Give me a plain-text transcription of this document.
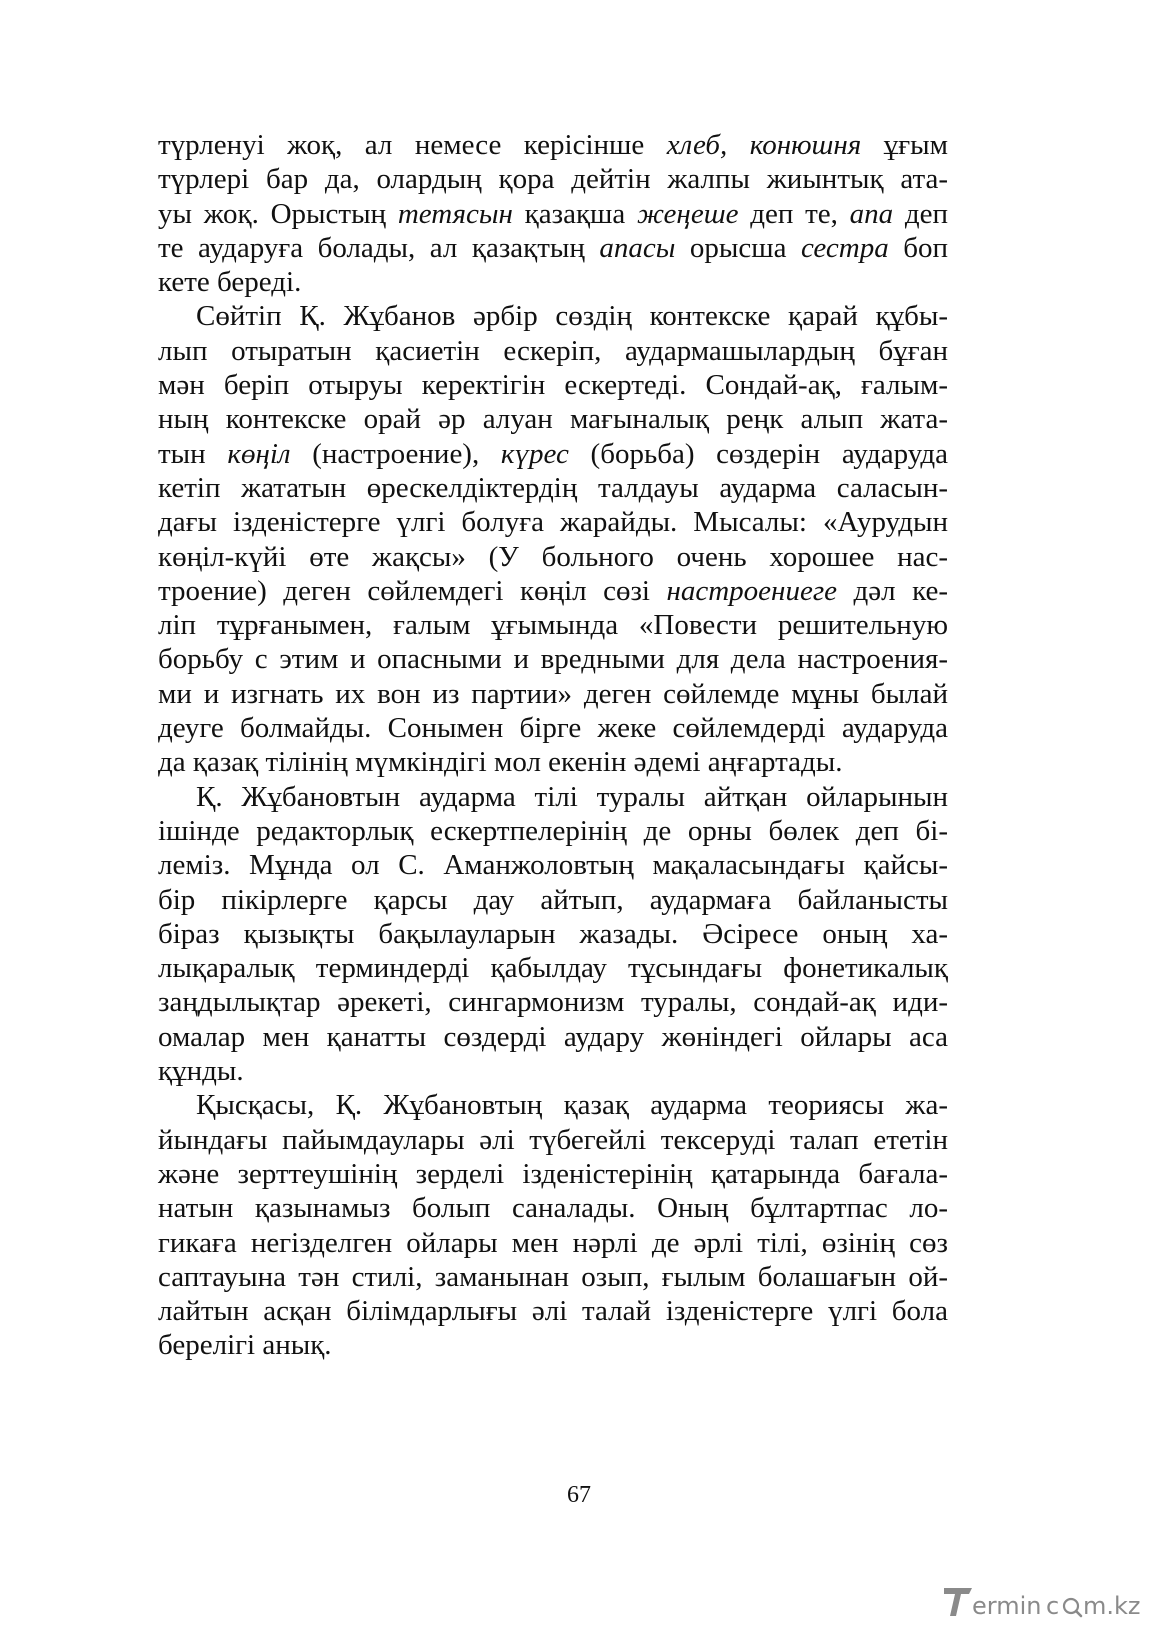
түрленуі жоқ, ал немесе керісінше хлеб, конюшня ұғым
түрлері бар да, олардың қора дейтін жалпы жиынтық ата-
уы жоқ. Орыстың тетясын қазақша жеңеше деп те, апа деп
те аударуға болады, ал қазақтың апасы орысша сестра боп
кете береді.
Сөйтіп Қ. Жұбанов әрбір сөздің контекске қарай құбы-
лып отыратын қасиетін ескеріп, аудармашылардың бұған
мән беріп отыруы керектігін ескертеді. Сондай-ақ, ғалым-
ның контекске орай әр алуан мағыналық реңк алып жата-
тын көңіл (настроение), күрес (борьба) сөздерін аударуда
кетіп жататын өрескелдіктердің талдауы аударма саласын-
дағы ізденістерге үлгі болуға жарайды. Мысалы: «Аурудын
көңіл-күйі өте жақсы» (У больного очень хорошее нас-
троение) деген сөйлемдегі көңіл сөзі настроениеге дәл ке-
ліп тұрғанымен, ғалым ұғымында «Повести решительную
борьбу с этим и опасными и вредными для дела настроения-
ми и изгнать их вон из партии» деген сөйлемде мұны былай
деуге болмайды. Сонымен бірге жеке сөйлемдерді аударуда
да қазақ тілінің мүмкіндігі мол екенін әдемі аңғартады.
Қ. Жұбановтын аударма тілі туралы айтқан ойларынын
ішінде редакторлық ескертпелерінің де орны бөлек деп бі-
леміз. Мұнда ол С. Аманжоловтың мақаласындағы қайсы-
бір пікірлерге қарсы дау айтып, аудармаға байланысты
біраз қызықты бақылауларын жазады. Әсіресе оның ха-
лықаралық терминдерді қабылдау тұсындағы фонетикалық
заңдылықтар әрекеті, сингармонизм туралы, сондай-ақ иди-
омалар мен қанатты сөздерді аудару жөніндегі ойлары аса
құнды.
Қысқасы, Қ. Жұбановтың қазақ аударма теориясы жа-
йындағы пайымдаулары әлі түбегейлі тексеруді талап ететін
және зерттеушінің зерделі ізденістерінің қатарында бағала-
натын қазынамыз болып саналады. Оның бұлтартпас ло-
гикаға негізделген ойлары мен нәрлі де әрлі тілі, өзінің сөз
саптауына тән стилі, заманынан озып, ғылым болашағын ой-
лайтын асқан білімдарлығы әлі талай ізденістерге үлгі бола
берелігі анық.
67
ermin c m.kz
